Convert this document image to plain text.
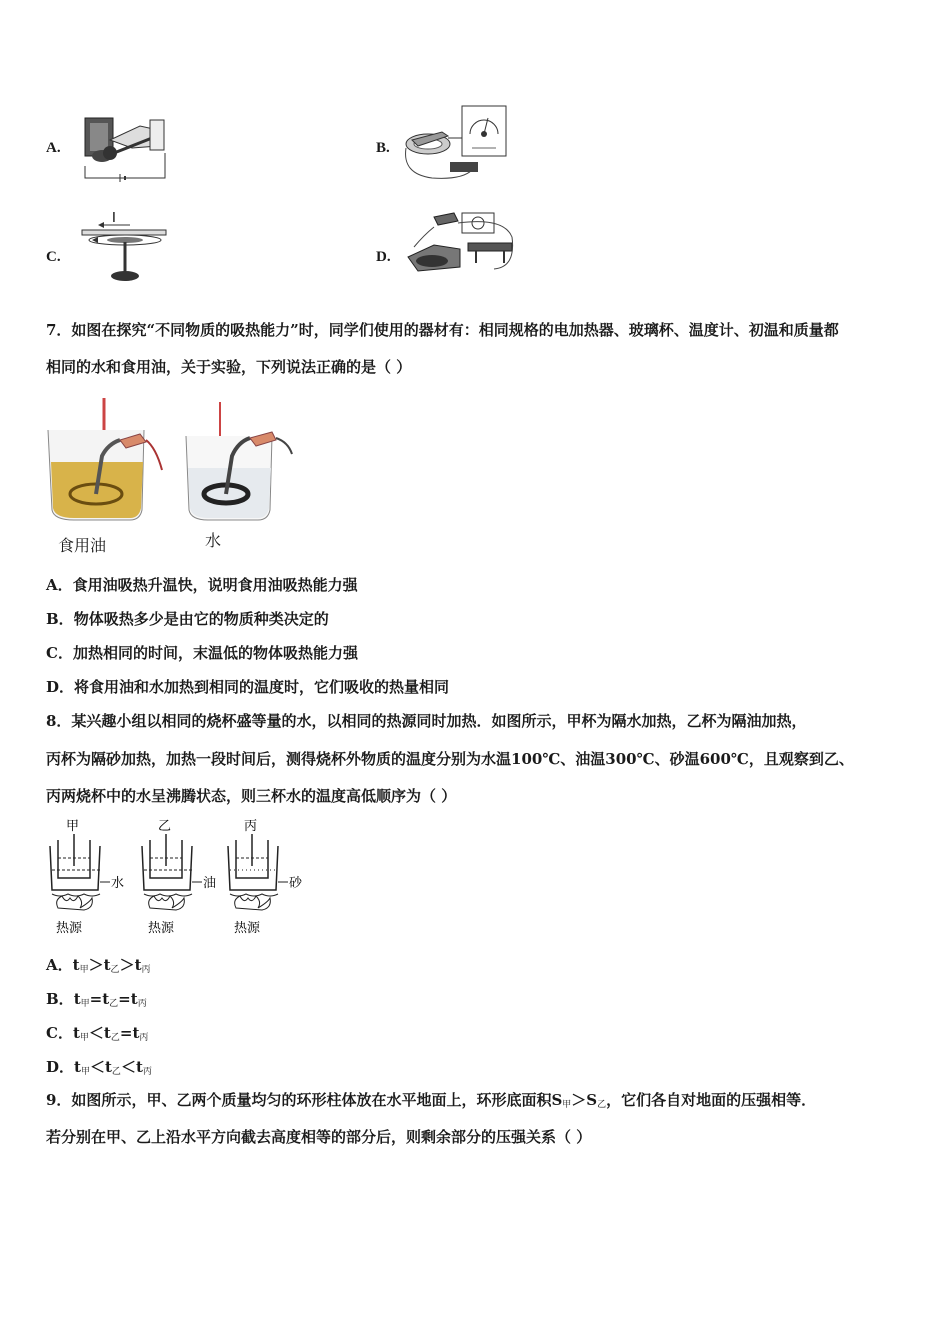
A.	B.
C.
I
D.
7．如图在探究“不同物质的吸热能力”时，同学们使用的器材有：相同规格的电加热器、玻璃杯、温度计、初温和质量都
相同的水和食用油，关于实验，下列说法正确的是（ ）
食用油	水
A．食用油吸热升温快，说明食用油吸热能力强
B．物体吸热多少是由它的物质种类决定的
C．加热相同的时间，末温低的物体吸热能力强
D．将食用油和水加热到相同的温度时，它们吸收的热量相同
8．某兴趣小组以相同的烧杯盛等量的水，以相同的热源同时加热．如图所示，甲杯为隔水加热，乙杯为隔油加热，
丙杯为隔砂加热，加热一段时间后，测得烧杯外物质的温度分别为水温100℃、油温300℃、砂温600℃，且观察到乙、
丙两烧杯中的水呈沸腾状态，则三杯水的温度高低顺序为（ ）
甲
水
热源
乙
油
热源
丙
砂
热源
A．$t_甲>t_乙>t_丙$
B．$t_甲=t_乙=t_丙$
C．$t_甲<t_乙=t_丙$
D．$t_甲<t_乙<t_丙$
9．如图所示，甲、乙两个质量均匀的环形柱体放在水平地面上，环形底面积$S_甲>S_乙$，它们各自对地面的压强相等．
若分别在甲、乙上沿水平方向截去高度相等的部分后，则剩余部分的压强关系（ ）
